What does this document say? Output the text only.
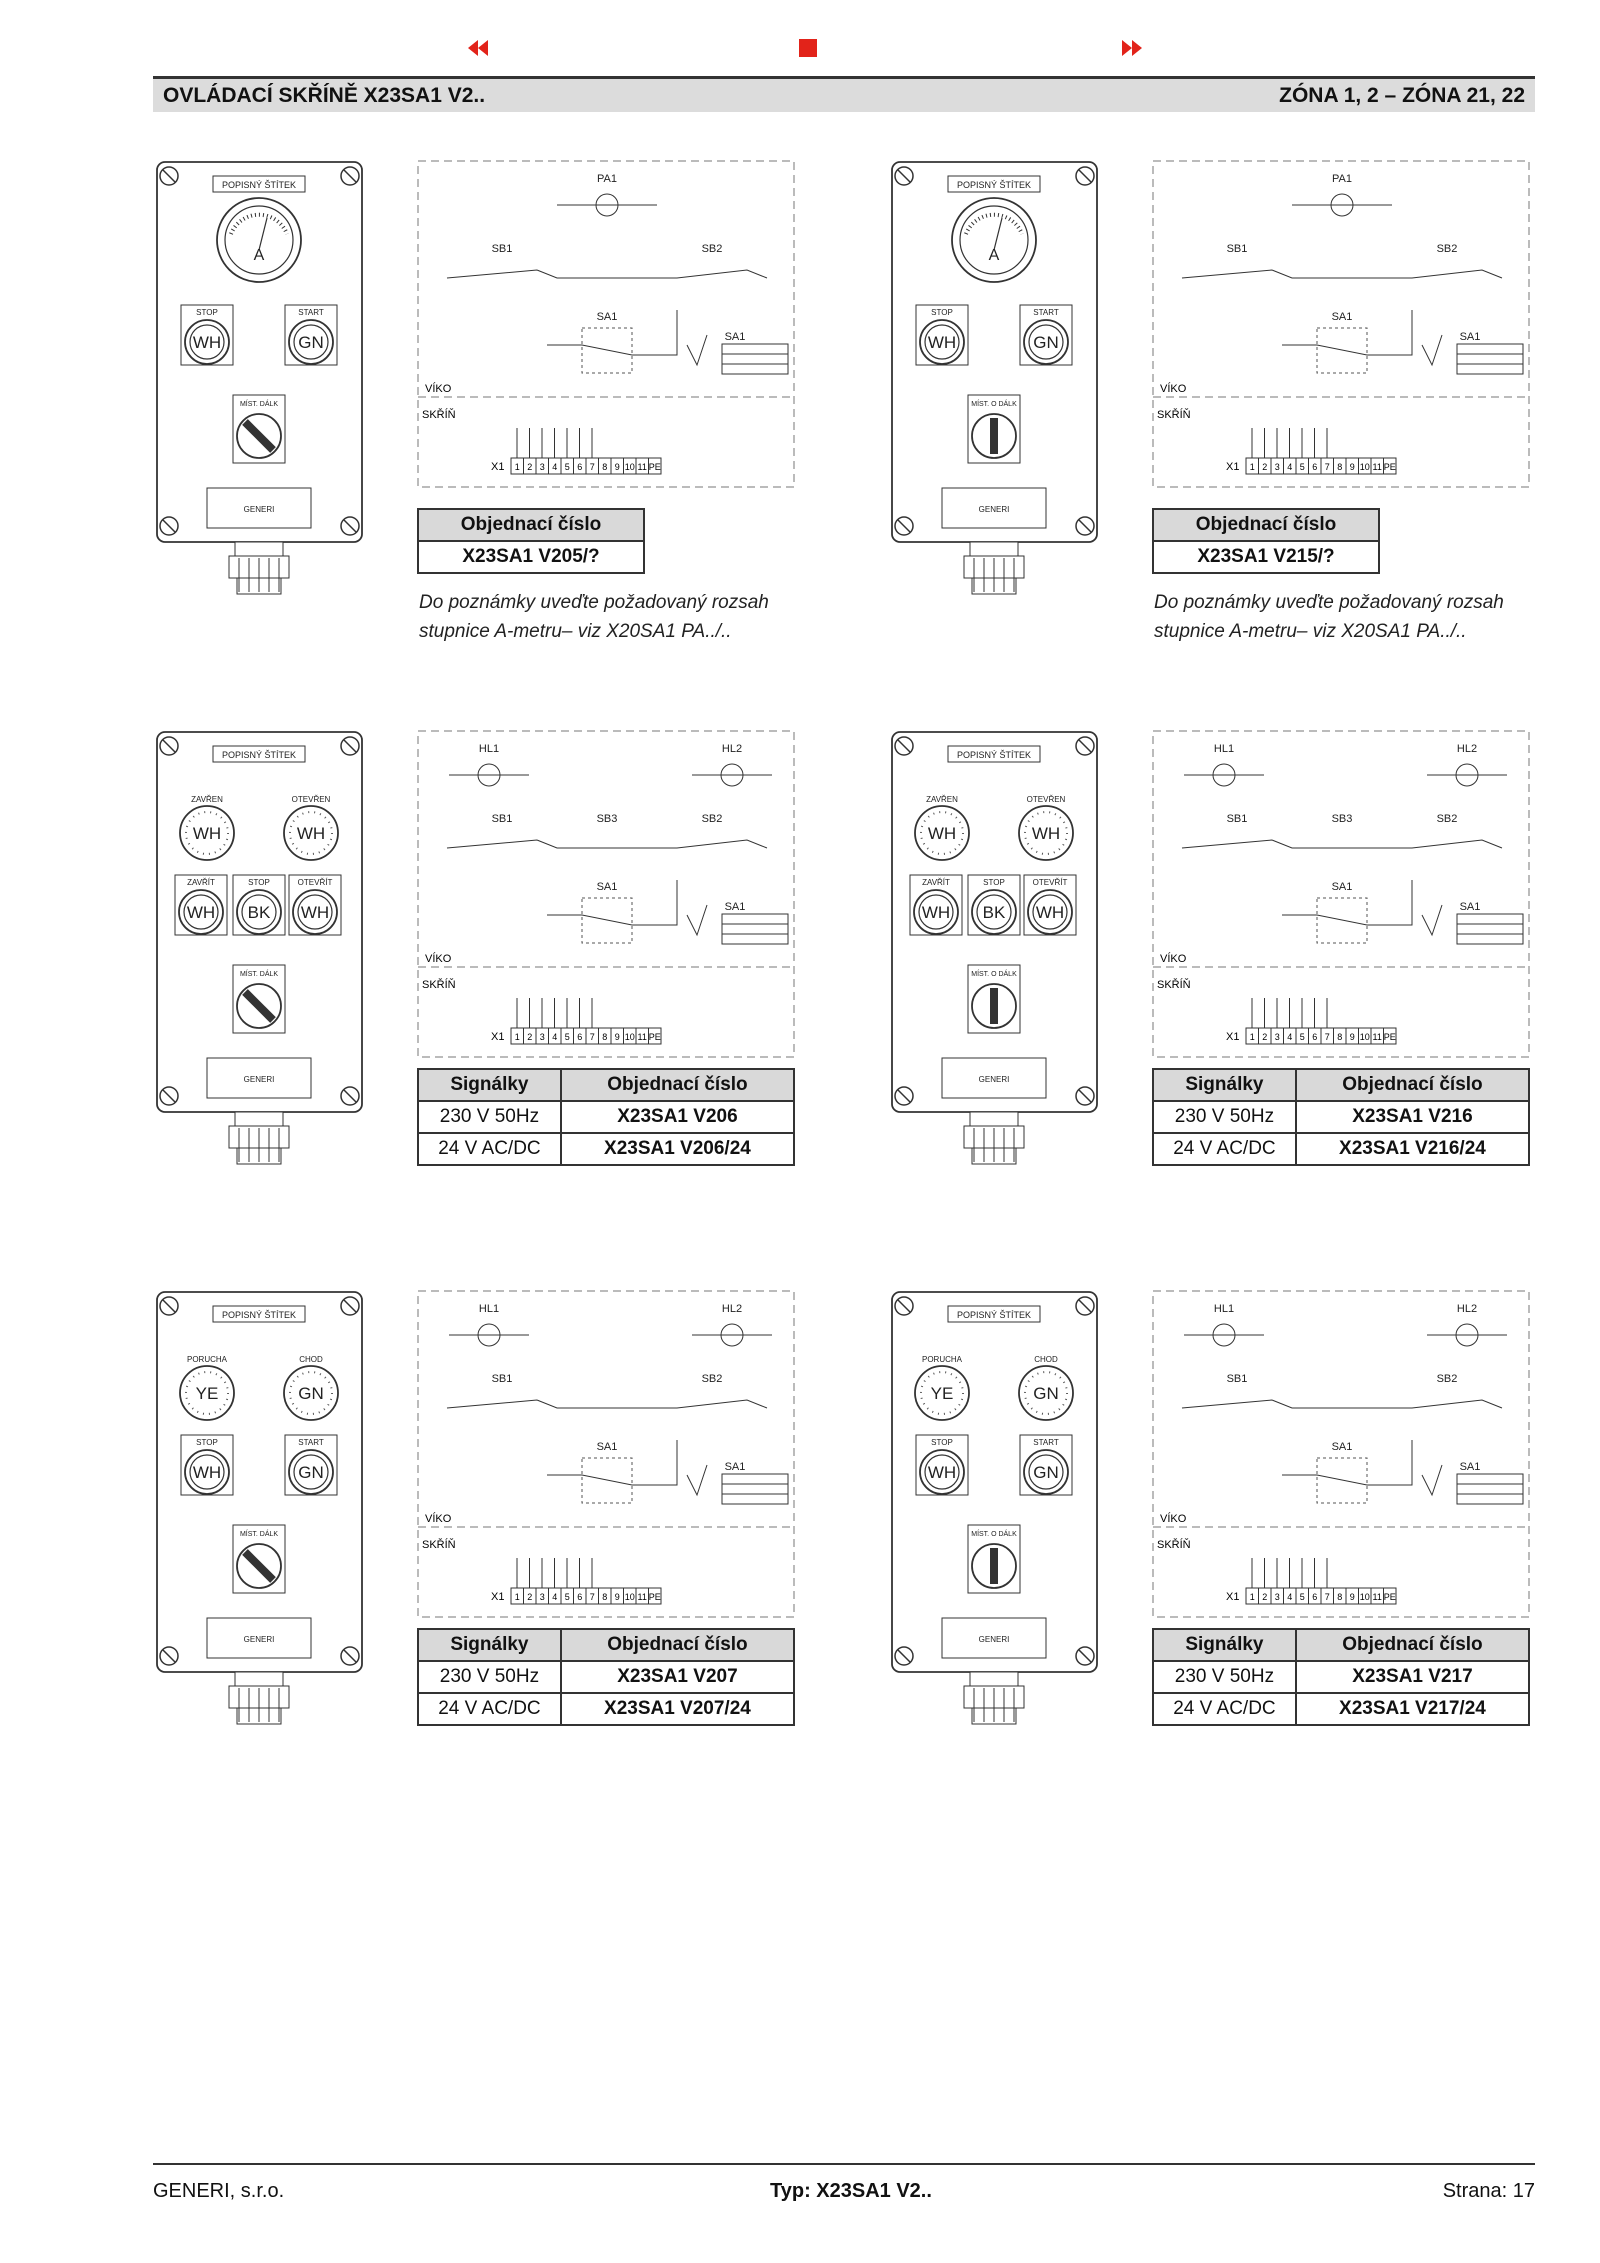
OVLÁDACÍ SKŘÍNĚ X23SA1 V2..	ZÓNA 1, 2 – ZÓNA 21, 22
POPISNÝ ŠTÍTEK
A
STOP	START
WH	GN
MÍST. DÁLK
GENERI
PA1
SB1	SB2
SA1
SA1
VÍKO
SKŘÍŇ
X1 1 2 3 4 5 6 7 8 9 10 11 PE
Do poznámky uveďte požadovaný rozsah stupnice A-metru– viz X20SA1 PA../..
Objednací číslo
X23SA1 V205/?
POPISNÝ ŠTÍTEK
A
STOP	START
WH	GN
MÍST. O DÁLK
GENERI
PA1
SB1	SB2
SA1
SA1
VÍKO
SKŘÍŇ
X1 1 2 3 4 5 6 7 8 9 10 11 PE
Do poznámky uveďte požadovaný rozsah stupnice A-metru– viz X20SA1 PA../..
Objednací číslo
X23SA1 V215/?
POPISNÝ ŠTÍTEK
ZAVŘEN	OTEVŘEN
WH	WH
ZAVŘÍT	STOP	OTEVŘÍT
WH BK WH
MÍST. DÁLK
GENERI
HL1	HL2
SB1	SB2
SB3
SA1
SA1
VÍKO
SKŘÍŇ
X1 1 2 3 4 5 6 7 8 9 10 11 PE
Signálky	Objednací číslo
230 V 50Hz	X23SA1 V206
24 V AC/DC	X23SA1 V206/24
POPISNÝ ŠTÍTEK
ZAVŘEN	OTEVŘEN
WH	WH
ZAVŘÍT	STOP	OTEVŘÍT
WH BK WH
MÍST. O DÁLK
GENERI
HL1	HL2
SB1	SB2
SB3
SA1
SA1
VÍKO
SKŘÍŇ
X1 1 2 3 4 5 6 7 8 9 10 11 PE
Signálky	Objednací číslo
230 V 50Hz	X23SA1 V216
24 V AC/DC	X23SA1 V216/24
POPISNÝ ŠTÍTEK
PORUCHA	CHOD
YE	GN
STOP	START
WH	GN
MÍST. DÁLK
GENERI
HL1	HL2
SB1	SB2
SA1
SA1
VÍKO
SKŘÍŇ
X1 1 2 3 4 5 6 7 8 9 10 11 PE
Signálky	Objednací číslo
230 V 50Hz	X23SA1 V207
24 V AC/DC	X23SA1 V207/24
POPISNÝ ŠTÍTEK
PORUCHA	CHOD
YE	GN
STOP	START
WH	GN
MÍST. O DÁLK
GENERI
HL1	HL2
SB1	SB2
SA1
SA1
VÍKO
SKŘÍŇ
X1 1 2 3 4 5 6 7 8 9 10 11 PE
Signálky	Objednací číslo
230 V 50Hz	X23SA1 V217
24 V AC/DC	X23SA1 V217/24
GENERI, s.r.o.	Typ: X23SA1 V2..	Strana: 17
